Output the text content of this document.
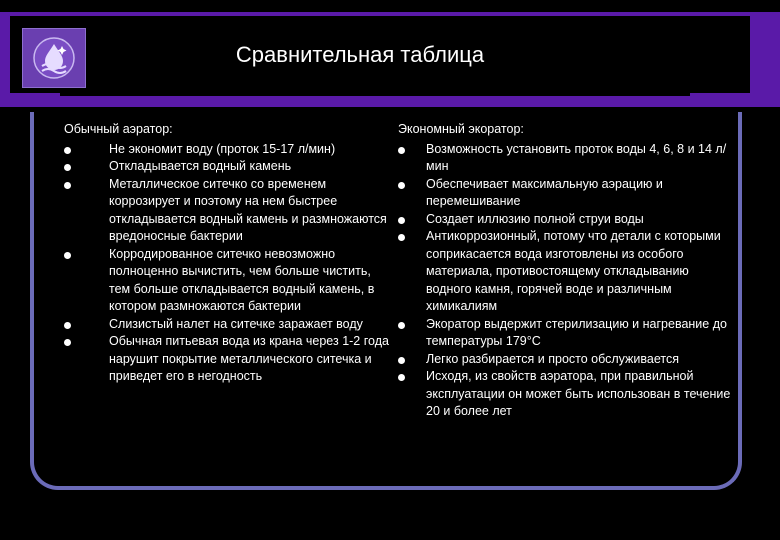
Сравнительная таблица
Обычный аэратор:
Не экономит воду (проток 15-17 л/мин)
Откладывается водный камень
Металлическое ситечко со временем коррозирует и поэтому на нем быстрее откладывается водный камень и размножаются вредоносные бактерии
Корродированное ситечко невозможно полноценно вычистить, чем больше чистить, тем больше откладывается водный камень, в котором размножаются бактерии
Слизистый налет на ситечке заражает воду
Обычная питьевая вода из крана через 1-2 года нарушит покрытие металлического ситечка и приведет его в негодность
Экономный экоратор:
Возможность установить проток воды 4, 6, 8 и 14 л/мин
Обеспечивает максимальную аэрацию и перемешивание
Создает иллюзию полной струи воды
Антикоррозионный, потому что детали с которыми соприкасается вода изготовлены из особого материала, противостоящему откладыванию водного камня, горячей воде и различным химикалиям
Экоратор выдержит стерилизацию и нагревание до температуры 179°С
Легко разбирается и просто обслуживается
Исходя, из свойств аэратора, при правильной эксплуатации он может быть использован в течение 20 и более лет
